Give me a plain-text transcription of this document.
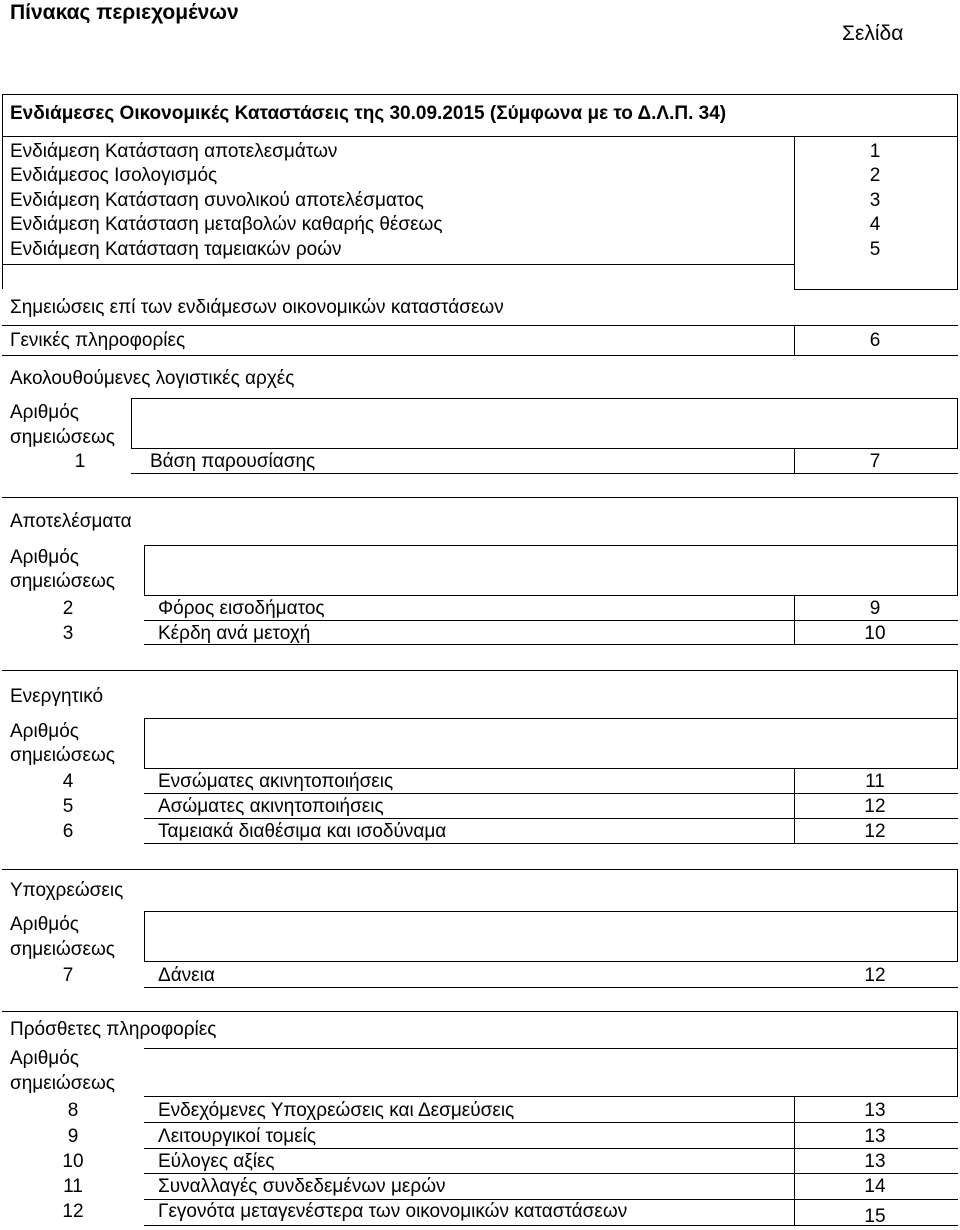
Πίνακας περιεχομένων
Σελίδα
Ενδιάμεσες Οικονομικές Καταστάσεις της 30.09.2015 (Σύμφωνα με το Δ.Λ.Π. 34)
Ενδιάμεση Κατάσταση αποτελεσμάτων	1
Ενδιάμεσος Ισολογισμός	2
Ενδιάμεση Κατάσταση συνολικού αποτελέσματος	3
Ενδιάμεση Κατάσταση μεταβολών καθαρής θέσεως	4
Ενδιάμεση Κατάσταση ταμειακών ροών	5
Σημειώσεις επί των ενδιάμεσων οικονομικών καταστάσεων
Γενικές πληροφορίες	6
Ακολουθούμενες λογιστικές αρχές
Αριθμός
σημειώσεως
1	Βάση παρουσίασης	7
Αποτελέσματα
Αριθμός
σημειώσεως
2	Φόρος εισοδήματος	9
3	Κέρδη ανά μετοχή	10
Ενεργητικό
Αριθμός
σημειώσεως
4	Ενσώματες ακινητοποιήσεις	11
5	Ασώματες ακινητοποιήσεις	12
6	Ταμειακά διαθέσιμα και ισοδύναμα	12
Υποχρεώσεις
Αριθμός
σημειώσεως
7	Δάνεια	12
Πρόσθετες πληροφορίες
Αριθμός
σημειώσεως
8	Ενδεχόμενες Υποχρεώσεις και Δεσμεύσεις	13
9	Λειτουργικοί τομείς	13
10	Εύλογες αξίες	13
11	Συναλλαγές συνδεδεμένων μερών	14
12	Γεγονότα μεταγενέστερα των οικονομικών καταστάσεων	15
